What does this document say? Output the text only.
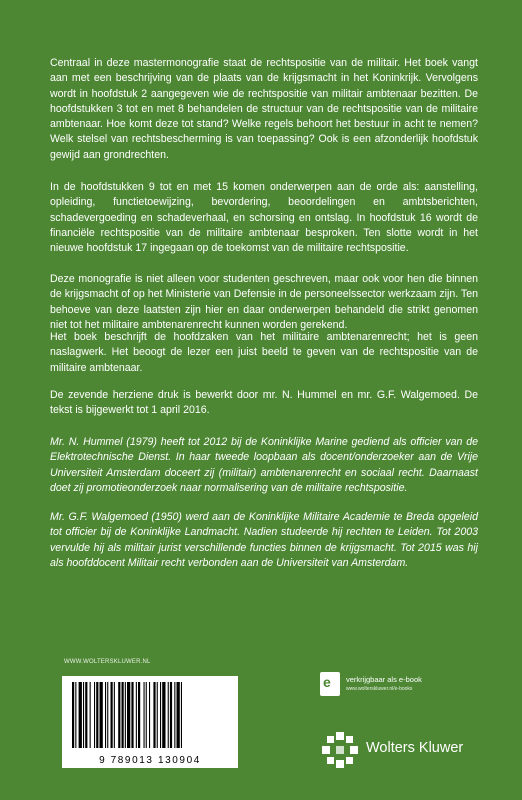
Centraal in deze mastermonografie staat de rechtspositie van de militair. Het boek vangt aan met een beschrijving van de plaats van de krijgsmacht in het Koninkrijk. Vervolgens wordt in hoofdstuk 2 aangegeven wie de rechtspositie van militair ambtenaar bezitten. De hoofdstukken 3 tot en met 8 behandelen de structuur van de rechtspositie van de militaire ambtenaar. Hoe komt deze tot stand? Welke regels behoort het bestuur in acht te nemen? Welk stelsel van rechtsbescherming is van toepassing? Ook is een afzonderlijk hoofdstuk gewijd aan grondrechten.

In de hoofdstukken 9 tot en met 15 komen onderwerpen aan de orde als: aanstelling, opleiding, functietoewijzing, bevordering, beoordelingen en ambtsberichten, schadevergoeding en schadeverhaal, en schorsing en ontslag. In hoofdstuk 16 wordt de financiële rechtspositie van de militaire ambtenaar besproken. Ten slotte wordt in het nieuwe hoofdstuk 17 ingegaan op de toekomst van de militaire rechtspositie.

Deze monografie is niet alleen voor studenten geschreven, maar ook voor hen die binnen de krijgsmacht of op het Ministerie van Defensie in de personeelssector werkzaam zijn. Ten behoeve van deze laatsten zijn hier en daar onderwerpen behandeld die strikt genomen niet tot het militaire ambtenarenrecht kunnen worden gerekend.

Het boek beschrijft de hoofdzaken van het militaire ambtenarenrecht; het is geen naslagwerk. Het beoogt de lezer een juist beeld te geven van de rechtspositie van de militaire ambtenaar.

De zevende herziene druk is bewerkt door mr. N. Hummel en mr. G.F. Walgemoed. De tekst is bijgewerkt tot 1 april 2016.

Mr. N. Hummel (1979) heeft tot 2012 bij de Koninklijke Marine gediend als officier van de Elektrotechnische Dienst. In haar tweede loopbaan als docent/onderzoeker aan de Vrije Universiteit Amsterdam doceert zij (militair) ambtenarenrecht en sociaal recht. Daarnaast doet zij promotieonderzoek naar normalisering van de militaire rechtspositie.

Mr. G.F. Walgemoed (1950) werd aan de Koninklijke Militaire Academie te Breda opgeleid tot officier bij de Koninklijke Landmacht. Nadien studeerde hij rechten te Leiden. Tot 2003 vervulde hij als militair jurist verschillende functies binnen de krijgsmacht. Tot 2015 was hij als hoofddocent Militair recht verbonden aan de Universiteit van Amsterdam.

WWW.WOLTERSKLUWER.NL
9 789013 130904
e verkrijgbaar als e-book
www.wolterskluwer.nl/e-books
Wolters Kluwer
